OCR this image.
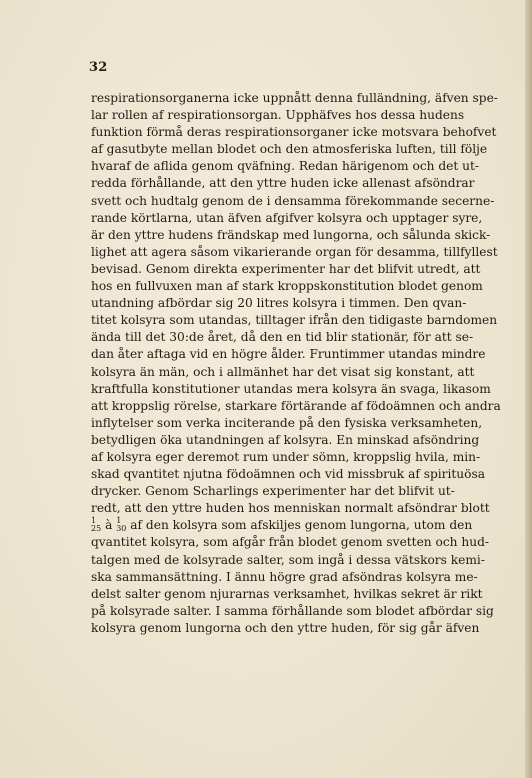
32
respirationsorganerna icke uppnått denna fulländning, äfven spe-
lar rollen af respirationsorgan. Upphäfves hos dessa hudens
funktion förmå deras respirationsorganer icke motsvara behofvet
af gasutbyte mellan blodet och den atmosferiska luften, till följe
hvaraf de aflida genom qväfning. Redan härigenom och det ut-
redda förhållande, att den yttre huden icke allenast afsöndrar
svett och hudtalg genom de i densamma förekommande secerne-
rande körtlarna, utan äfven afgifver kolsyra och upptager syre,
är den yttre hudens frändskap med lungorna, och sålunda skick-
lighet att agera såsom vikarierande organ för desamma, tillfyllest
bevisad. Genom direkta experimenter har det blifvit utredt, att
hos en fullvuxen man af stark kroppskonstitution blodet genom
utandning afbördar sig 20 litres kolsyra i timmen. Den qvan-
titet kolsyra som utandas, tilltager ifrån den tidigaste barndomen
ända till det 30:de året, då den en tid blir stationär, för att se-
dan åter aftaga vid en högre ålder. Fruntimmer utandas mindre
kolsyra än män, och i allmänhet har det visat sig konstant, att
kraftfulla konstitutioner utandas mera kolsyra än svaga, likasom
att kroppslig rörelse, starkare förtärande af födoämnen och andra
inflytelser som verka inciterande på den fysiska verksamheten,
betydligen öka utandningen af kolsyra. En minskad afsöndring
af kolsyra eger deremot rum under sömn, kroppslig hvila, min-
skad qvantitet njutna födoämnen och vid missbruk af spirituösa
drycker. Genom Scharlings experimenter har det blifvit ut-
redt, att den yttre huden hos menniskan normalt afsöndrar blott
1
25 à 1
30 af den kolsyra som afskiljes genom lungorna, utom den
qvantitet kolsyra, som afgår från blodet genom svetten och hud-
talgen med de kolsyrade salter, som ingå i dessa vätskors kemi-
ska sammansättning. I ännu högre grad afsöndras kolsyra me-
delst salter genom njurarnas verksamhet, hvilkas sekret är rikt
på kolsyrade salter. I samma förhållande som blodet afbördar sig
kolsyra genom lungorna och den yttre huden, för sig går äfven
